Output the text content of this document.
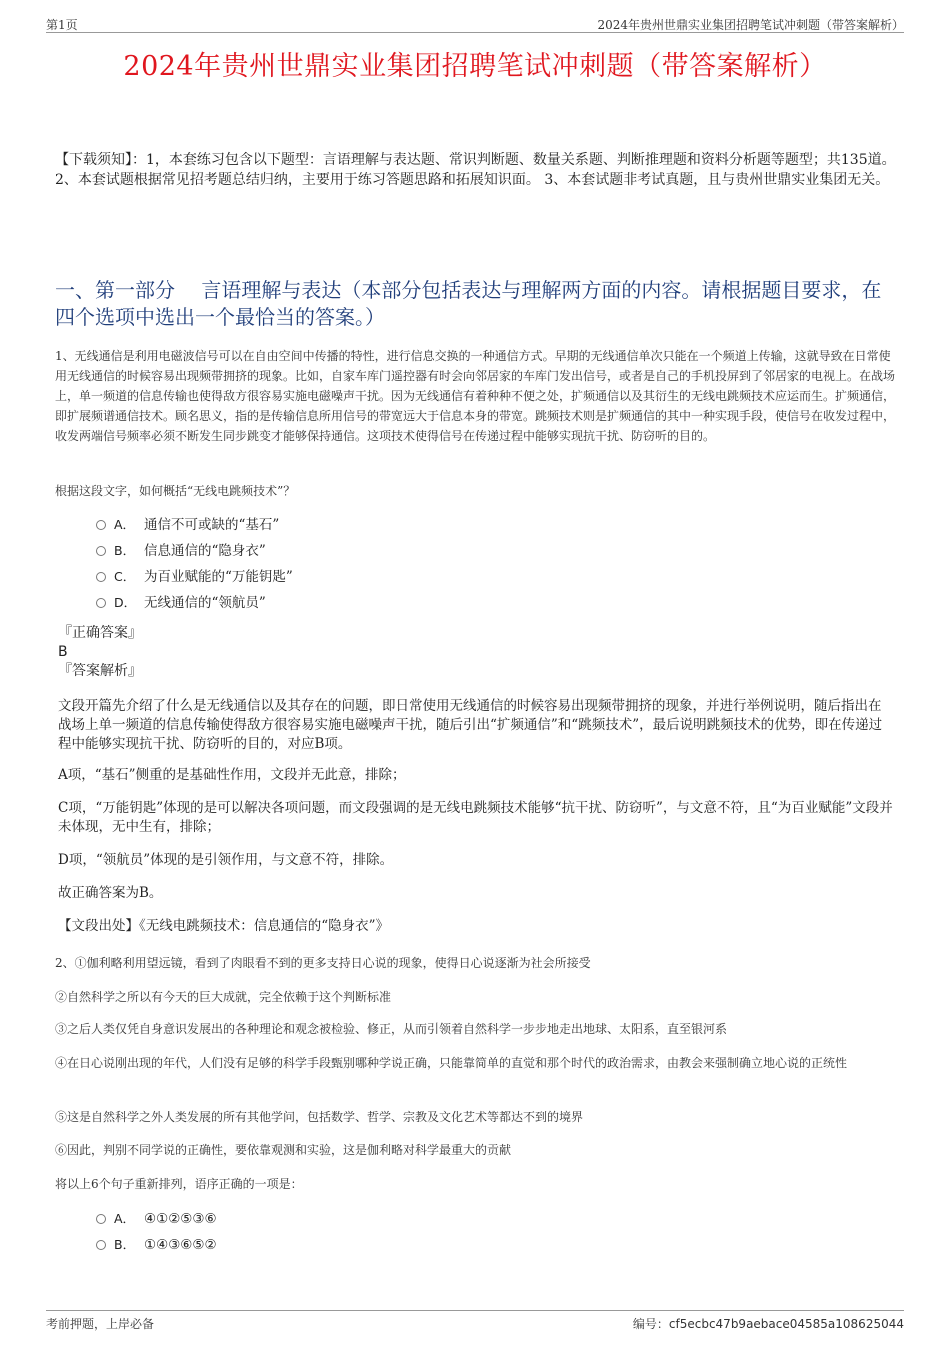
第1页	2024年贵州世鼎实业集团招聘笔试冲刺题（带答案解析）
2024年贵州世鼎实业集团招聘笔试冲刺题（带答案解析）
【下载须知】：1，本套练习包含以下题型：言语理解与表达题、常识判断题、数量关系题、判断推理题和资料分析题等题型；共135道。 2、本套试题根据常见招考题总结归纳，主要用于练习答题思路和拓展知识面。 3、本套试题非考试真题，且与贵州世鼎实业集团无关。
一、第一部分　 言语理解与表达（本部分包括表达与理解两方面的内容。请根据题目要求，在四个选项中选出一个最恰当的答案。）
1、无线通信是利用电磁波信号可以在自由空间中传播的特性，进行信息交换的一种通信方式。早期的无线通信单次只能在一个频道上传输，这就导致在日常使用无线通信的时候容易出现频带拥挤的现象。比如，自家车库门遥控器有时会向邻居家的车库门发出信号，或者是自己的手机投屏到了邻居家的电视上。在战场上，单一频道的信息传输也使得敌方很容易实施电磁噪声干扰。因为无线通信有着种种不便之处，扩频通信以及其衍生的无线电跳频技术应运而生。扩频通信，即扩展频谱通信技术。顾名思义，指的是传输信息所用信号的带宽远大于信息本身的带宽。跳频技术则是扩频通信的其中一种实现手段，使信号在收发过程中，收发两端信号频率必须不断发生同步跳变才能够保持通信。这项技术使得信号在传递过程中能够实现抗干扰、防窃听的目的。
根据这段文字，如何概括“无线电跳频技术”？
A． 通信不可或缺的“基石”
B． 信息通信的“隐身衣”
C． 为百业赋能的“万能钥匙”
D． 无线通信的“领航员”
『正确答案』
B
『答案解析』
文段开篇先介绍了什么是无线通信以及其存在的问题，即日常使用无线通信的时候容易出现频带拥挤的现象，并进行举例说明，随后指出在战场上单一频道的信息传输使得敌方很容易实施电磁噪声干扰，随后引出“扩频通信”和“跳频技术”，最后说明跳频技术的优势，即在传递过程中能够实现抗干扰、防窃听的目的，对应B项。
A项，“基石”侧重的是基础性作用，文段并无此意，排除；
C项，“万能钥匙”体现的是可以解决各项问题，而文段强调的是无线电跳频技术能够“抗干扰、防窃听”，与文意不符，且“为百业赋能”文段并未体现，无中生有，排除；
D项，“领航员”体现的是引领作用，与文意不符，排除。
故正确答案为B。
【文段出处】《无线电跳频技术：信息通信的“隐身衣”》
2、①伽利略利用望远镜，看到了肉眼看不到的更多支持日心说的现象，使得日心说逐渐为社会所接受
②自然科学之所以有今天的巨大成就，完全依赖于这个判断标准
③之后人类仅凭自身意识发展出的各种理论和观念被检验、修正，从而引领着自然科学一步步地走出地球、太阳系，直至银河系
④在日心说刚出现的年代，人们没有足够的科学手段甄别哪种学说正确，只能靠简单的直觉和那个时代的政治需求，由教会来强制确立地心说的正统性
⑤这是自然科学之外人类发展的所有其他学问，包括数学、哲学、宗教及文化艺术等都达不到的境界
⑥因此，判别不同学说的正确性，要依靠观测和实验，这是伽利略对科学最重大的贡献
将以上6个句子重新排列，语序正确的一项是：
A． ④①②⑤③⑥
B． ①④③⑥⑤②
考前押题，上岸必备	编号：cf5ecbc47b9aebace04585a108625044
